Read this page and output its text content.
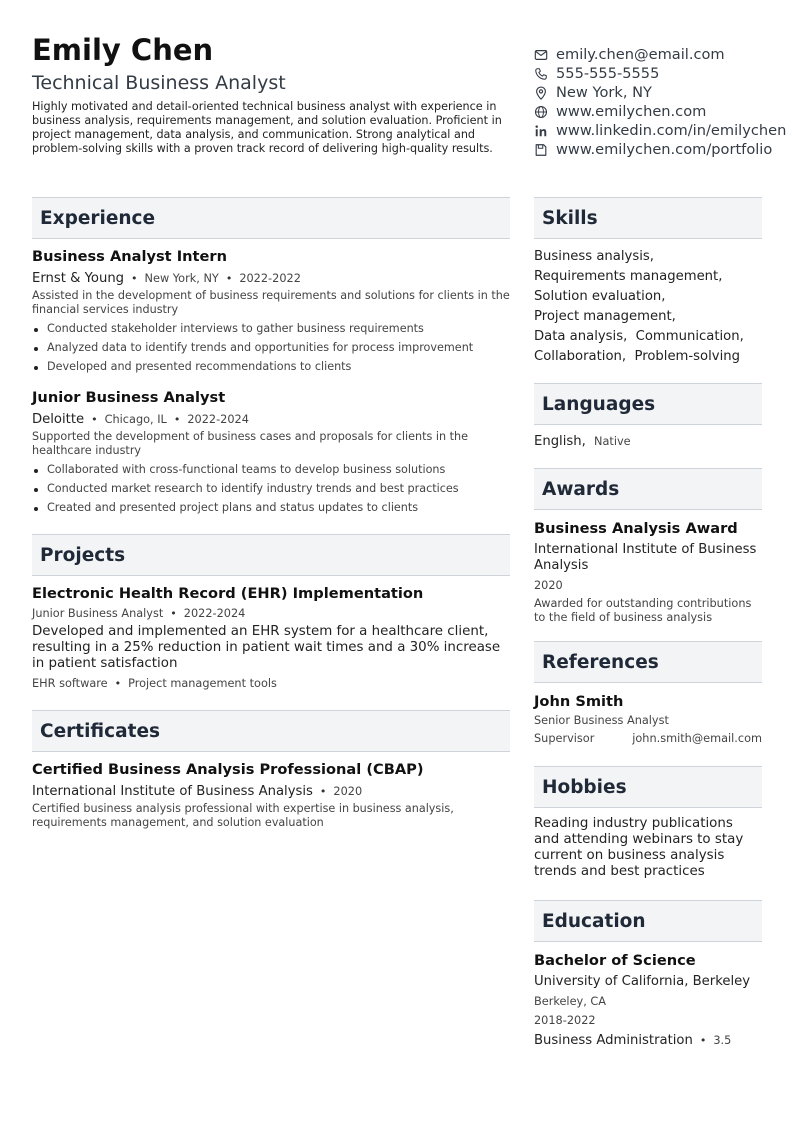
Emily Chen
Technical Business Analyst
Highly motivated and detail-oriented technical business analyst with experience in business analysis, requirements management, and solution evaluation. Proficient in project management, data analysis, and communication. Strong analytical and problem-solving skills with a proven track record of delivering high-quality results.
emily.chen@email.com
555-555-5555
New York, NY
www.emilychen.com
www.linkedin.com/in/emilychen
www.emilychen.com/portfolio
Experience
Business Analyst Intern
Ernst & Young • New York, NY • 2022-2022
Assisted in the development of business requirements and solutions for clients in the financial services industry
Conducted stakeholder interviews to gather business requirements
Analyzed data to identify trends and opportunities for process improvement
Developed and presented recommendations to clients
Junior Business Analyst
Deloitte • Chicago, IL • 2022-2024
Supported the development of business cases and proposals for clients in the healthcare industry
Collaborated with cross-functional teams to develop business solutions
Conducted market research to identify industry trends and best practices
Created and presented project plans and status updates to clients
Projects
Electronic Health Record (EHR) Implementation
Junior Business Analyst • 2022-2024
Developed and implemented an EHR system for a healthcare client, resulting in a 25% reduction in patient wait times and a 30% increase in patient satisfaction
EHR software • Project management tools
Certificates
Certified Business Analysis Professional (CBAP)
International Institute of Business Analysis • 2020
Certified business analysis professional with expertise in business analysis, requirements management, and solution evaluation
Skills
Business analysis,
Requirements management,
Solution evaluation,
Project management,
Data analysis, Communication,
Collaboration, Problem-solving
Languages
English, Native
Awards
Business Analysis Award
International Institute of Business Analysis
2020
Awarded for outstanding contributions to the field of business analysis
References
John Smith
Senior Business Analyst
Supervisor	john.smith@email.com
Hobbies
Reading industry publications and attending webinars to stay current on business analysis trends and best practices
Education
Bachelor of Science
University of California, Berkeley
Berkeley, CA
2018-2022
Business Administration • 3.5
